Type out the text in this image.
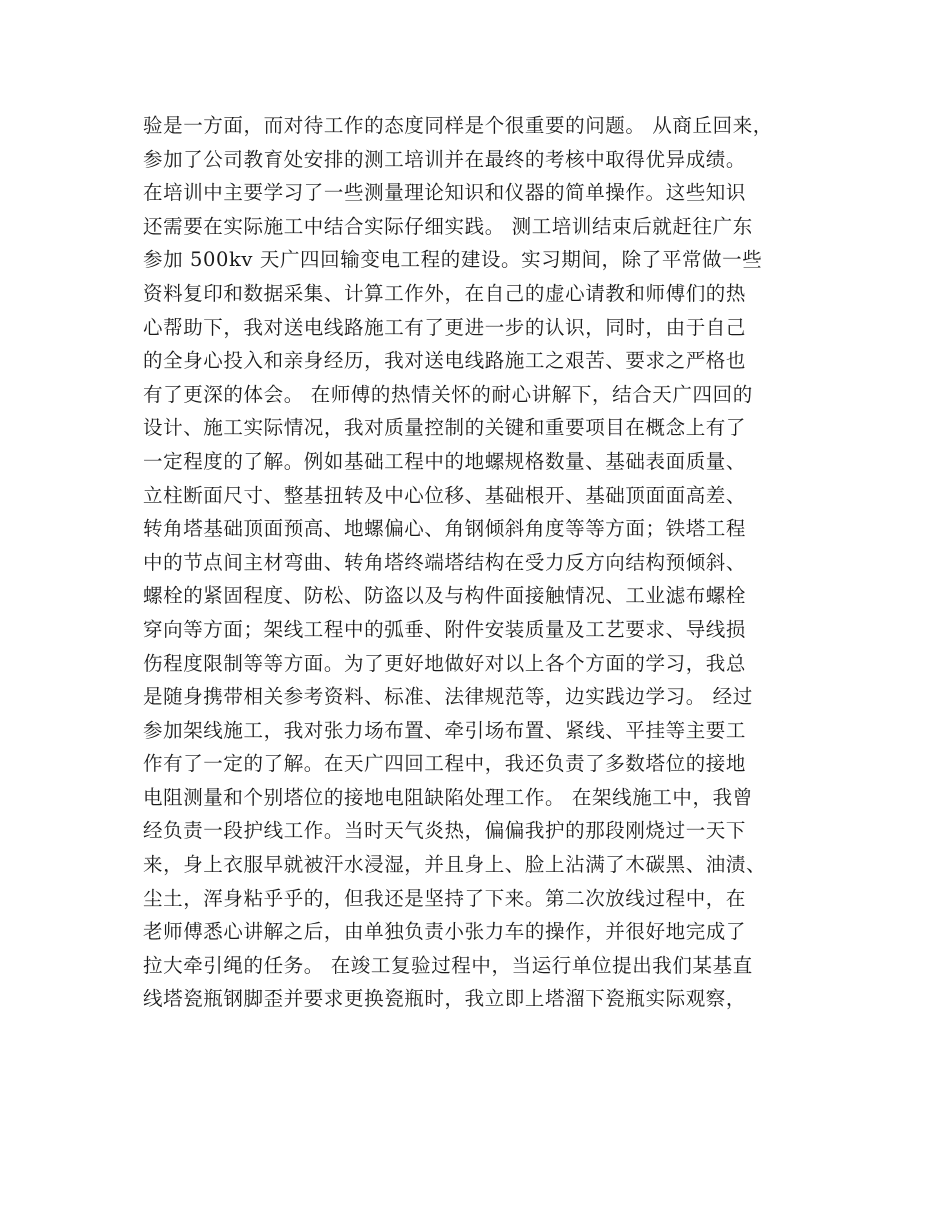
验是一方面，而对待工作的态度同样是个很重要的问题。 从商丘回来，
参加了公司教育处安排的测工培训并在最终的考核中取得优异成绩。
在培训中主要学习了一些测量理论知识和仪器的简单操作。这些知识
还需要在实际施工中结合实际仔细实践。 测工培训结束后就赶往广东
参加 500kv 天广四回输变电工程的建设。实习期间，除了平常做一些
资料复印和数据采集、计算工作外，在自己的虚心请教和师傅们的热
心帮助下，我对送电线路施工有了更进一步的认识，同时，由于自己
的全身心投入和亲身经历，我对送电线路施工之艰苦、要求之严格也
有了更深的体会。 在师傅的热情关怀的耐心讲解下，结合天广四回的
设计、施工实际情况，我对质量控制的关键和重要项目在概念上有了
一定程度的了解。例如基础工程中的地螺规格数量、基础表面质量、
立柱断面尺寸、整基扭转及中心位移、基础根开、基础顶面面高差、
转角塔基础顶面预高、地螺偏心、角钢倾斜角度等等方面；铁塔工程
中的节点间主材弯曲、转角塔终端塔结构在受力反方向结构预倾斜、
螺栓的紧固程度、防松、防盗以及与构件面接触情况、工业滤布螺栓
穿向等方面；架线工程中的弧垂、附件安装质量及工艺要求、导线损
伤程度限制等等方面。为了更好地做好对以上各个方面的学习，我总
是随身携带相关参考资料、标准、法律规范等，边实践边学习。 经过
参加架线施工，我对张力场布置、牵引场布置、紧线、平挂等主要工
作有了一定的了解。在天广四回工程中，我还负责了多数塔位的接地
电阻测量和个别塔位的接地电阻缺陷处理工作。 在架线施工中，我曾
经负责一段护线工作。当时天气炎热，偏偏我护的那段刚烧过一天下
来，身上衣服早就被汗水浸湿，并且身上、脸上沾满了木碳黑、油渍、
尘土，浑身粘乎乎的，但我还是坚持了下来。第二次放线过程中，在
老师傅悉心讲解之后，由单独负责小张力车的操作，并很好地完成了
拉大牵引绳的任务。 在竣工复验过程中，当运行单位提出我们某基直
线塔瓷瓶钢脚歪并要求更换瓷瓶时，我立即上塔溜下瓷瓶实际观察，
